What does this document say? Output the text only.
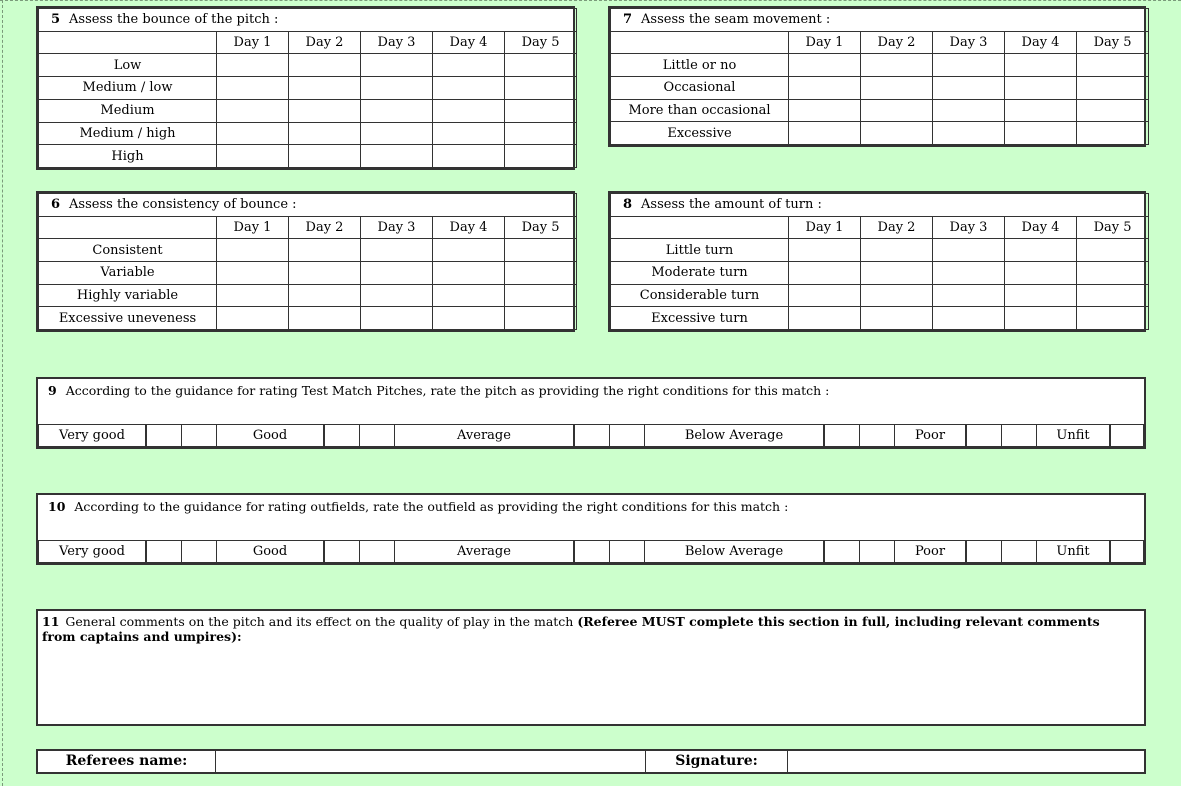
5 Assess the bounce of the pitch :					
	Day 1	Day 2	Day 3	Day 4	Day 5
Low					
Medium / low					
Medium					
Medium / high					
High					
7 Assess the seam movement :					
	Day 1	Day 2	Day 3	Day 4	Day 5
Little or no					
Occasional					
More than occasional					
Excessive					
6 Assess the consistency of bounce :					
	Day 1	Day 2	Day 3	Day 4	Day 5
Consistent					
Variable					
Highly variable					
Excessive uneveness					
8 Assess the amount of turn :					
	Day 1	Day 2	Day 3	Day 4	Day 5
Little turn					
Moderate turn					
Considerable turn					
Excessive turn					
9 According to the guidance for rating Test Match Pitches, rate the pitch as providing the right conditions for this match :
Very good	Good	Average	Below Average	Poor	Unfit
10 According to the guidance for rating outfields, rate the outfield as providing the right conditions for this match :
Very good	Good	Average	Below Average	Poor	Unfit
11 General comments on the pitch and its effect on the quality of play in the match (Referee MUST complete this section in full, including relevant comments from captains and umpires):
Referees name:	Signature:
